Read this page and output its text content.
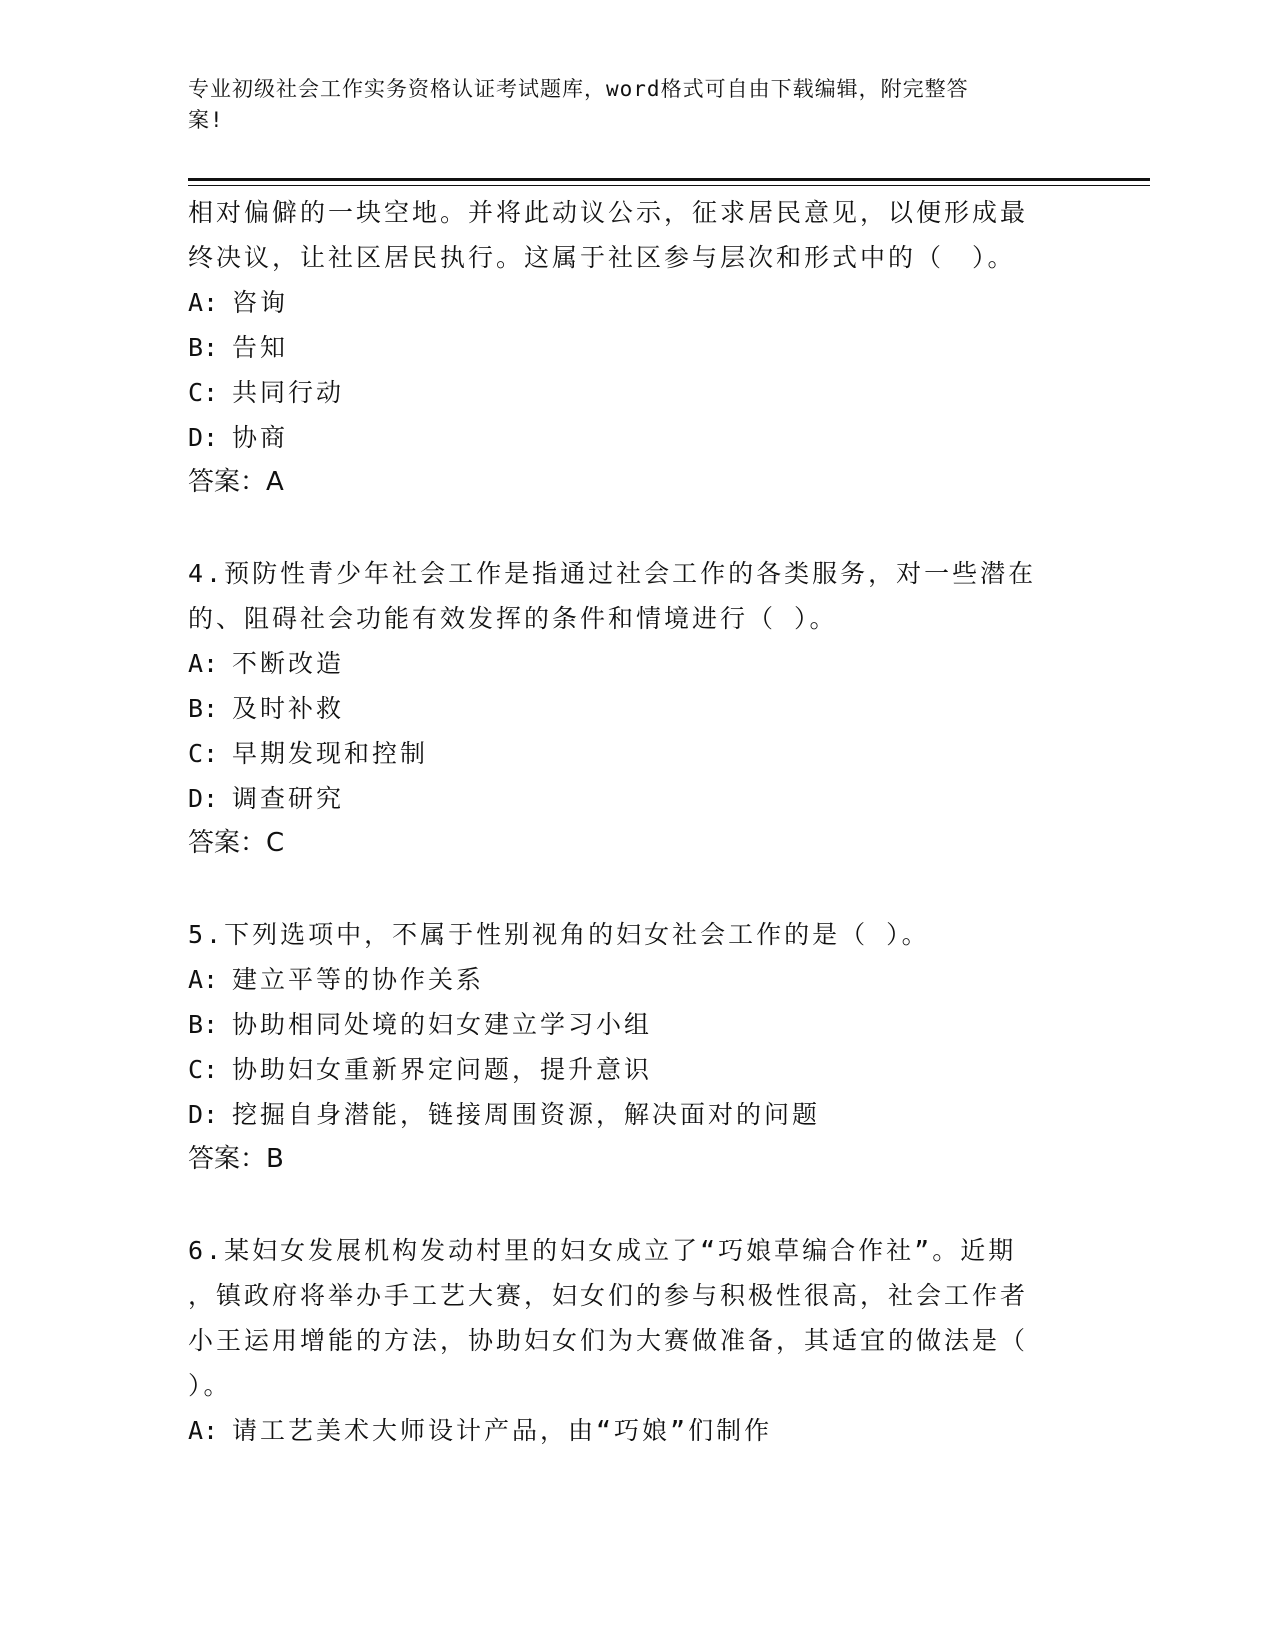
专业初级社会工作实务资格认证考试题库，word格式可自由下载编辑，附完整答
案!

相对偏僻的一块空地。并将此动议公示，征求居民意见，以便形成最

终决议，让社区居民执行。这属于社区参与层次和形式中的（　）。

A: 咨询

B: 告知

C: 共同行动

D: 协商

答案：A

4.预防性青少年社会工作是指通过社会工作的各类服务，对一些潜在

的、阻碍社会功能有效发挥的条件和情境进行（ ）。

A: 不断改造

B: 及时补救

C: 早期发现和控制

D: 调查研究

答案：C

5.下列选项中，不属于性别视角的妇女社会工作的是（ ）。

A: 建立平等的协作关系

B: 协助相同处境的妇女建立学习小组

C: 协助妇女重新界定问题，提升意识

D: 挖掘自身潜能，链接周围资源，解决面对的问题

答案：B

6.某妇女发展机构发动村里的妇女成立了“巧娘草编合作社”。近期

，镇政府将举办手工艺大赛，妇女们的参与积极性很高，社会工作者

小王运用增能的方法，协助妇女们为大赛做准备，其适宜的做法是（

）。

A: 请工艺美术大师设计产品，由“巧娘”们制作
